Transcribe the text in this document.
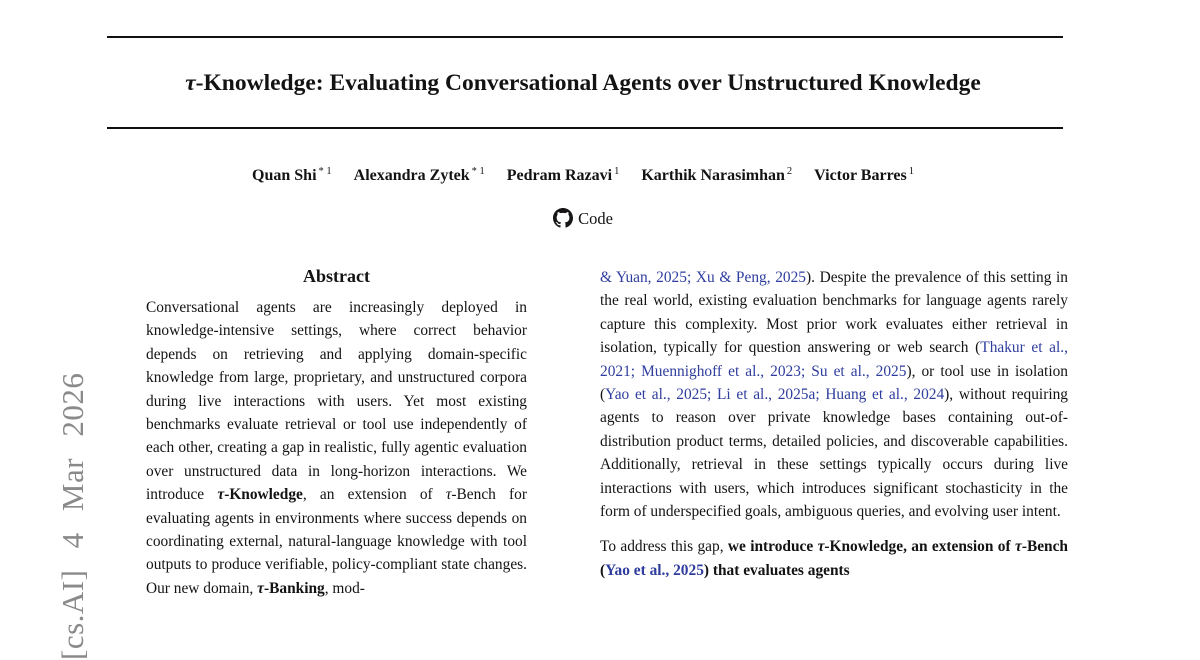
[cs.AI] 4 Mar 2026
τ-Knowledge: Evaluating Conversational Agents over Unstructured Knowledge
Quan Shi $^{* 1}$ Alexandra Zytek $^{* 1}$ Pedram Razavi $^1$ Karthik Narasimhan $^2$ Victor Barres $^1$
Code
Abstract
Conversational agents are increasingly deployed in knowledge-intensive settings, where correct behavior depends on retrieving and applying domain-specific knowledge from large, proprietary, and unstructured corpora during live interactions with users. Yet most existing benchmarks evaluate retrieval or tool use independently of each other, creating a gap in realistic, fully agentic evaluation over unstructured data in long-horizon interactions. We introduce τ-Knowledge, an extension of τ-Bench for evaluating agents in environments where success depends on coordinating external, natural-language knowledge with tool outputs to produce verifiable, policy-compliant state changes. Our new domain, τ-Banking, mod-

& Yuan, 2025; Xu & Peng, 2025). Despite the prevalence of this setting in the real world, existing evaluation benchmarks for language agents rarely capture this complexity. Most prior work evaluates either retrieval in isolation, typically for question answering or web search (Thakur et al., 2021; Muennighoff et al., 2023; Su et al., 2025), or tool use in isolation (Yao et al., 2025; Li et al., 2025a; Huang et al., 2024), without requiring agents to reason over private knowledge bases containing out-of-distribution product terms, detailed policies, and discoverable capabilities. Additionally, retrieval in these settings typically occurs during live interactions with users, which introduces significant stochasticity in the form of underspecified goals, ambiguous queries, and evolving user intent.

To address this gap, we introduce τ-Knowledge, an extension of τ-Bench (Yao et al., 2025) that evaluates agents
